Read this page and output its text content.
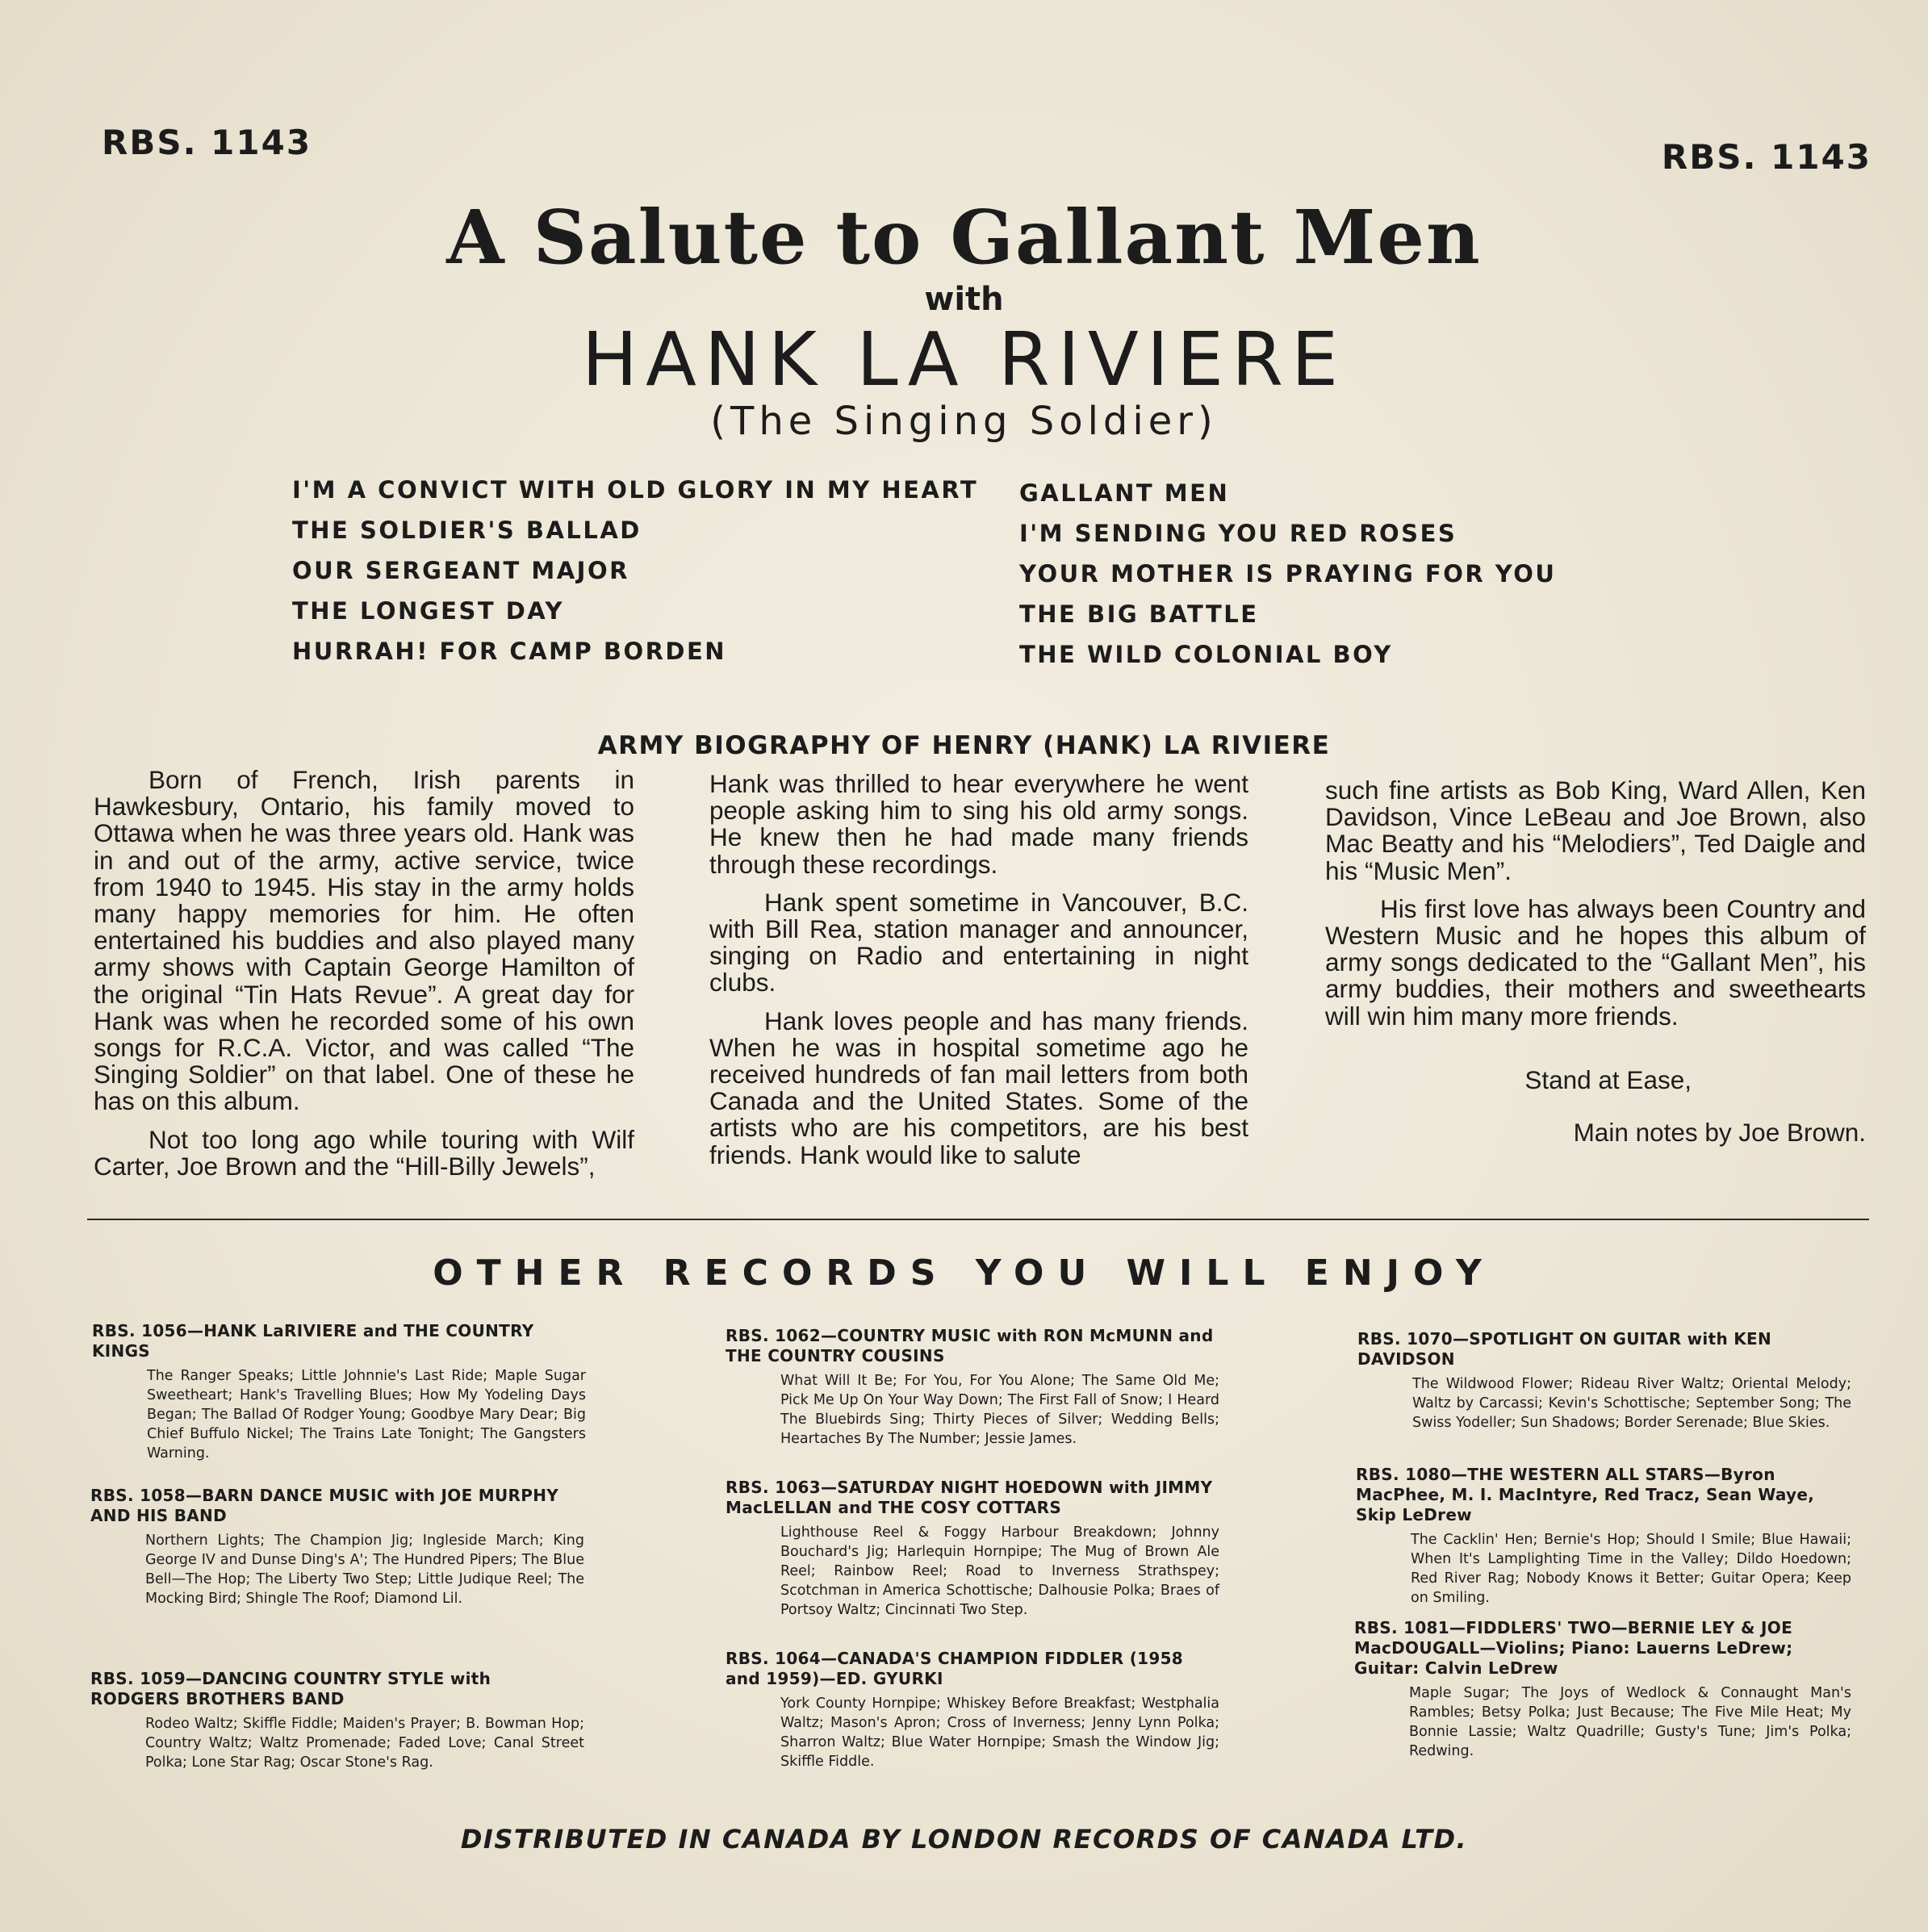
RBS. 1143	RBS. 1143
A Salute to Gallant Men
with
HANK LA RIVIERE
(The Singing Soldier)
I'M A CONVICT WITH OLD GLORY IN MY HEART
THE SOLDIER'S BALLAD
OUR SERGEANT MAJOR
THE LONGEST DAY
HURRAH! FOR CAMP BORDEN
GALLANT MEN
I'M SENDING YOU RED ROSES
YOUR MOTHER IS PRAYING FOR YOU
THE BIG BATTLE
THE WILD COLONIAL BOY
ARMY BIOGRAPHY OF HENRY (HANK) LA RIVIERE

Born of French, Irish parents in Hawkesbury, Ontario, his family moved to Ottawa when he was three years old. Hank was in and out of the army, active service, twice from 1940 to 1945. His stay in the army holds many happy memories for him. He often entertained his buddies and also played many army shows with Captain George Hamilton of the original “Tin Hats Revue”. A great day for Hank was when he recorded some of his own songs for R.C.A. Victor, and was called “The Singing Soldier” on that label. One of these he has on this album.

Not too long ago while touring with Wilf Carter, Joe Brown and the “Hill-Billy Jewels”,

Hank was thrilled to hear everywhere he went people asking him to sing his old army songs. He knew then he had made many friends through these recordings.

Hank spent sometime in Vancouver, B.C. with Bill Rea, station manager and announcer, singing on Radio and entertaining in night clubs.

Hank loves people and has many friends. When he was in hospital sometime ago he received hundreds of fan mail letters from both Canada and the United States. Some of the artists who are his competitors, are his best friends. Hank would like to salute

such fine artists as Bob King, Ward Allen, Ken Davidson, Vince LeBeau and Joe Brown, also Mac Beatty and his “Melodiers”, Ted Daigle and his “Music Men”.

His first love has always been Country and Western Music and he hopes this album of army songs dedicated to the “Gallant Men”, his army buddies, their mothers and sweethearts will win him many more friends.

Stand at Ease,

Main notes by Joe Brown.

OTHER RECORDS YOU WILL ENJOY

RBS. 1056—HANK LaRIVIERE and THE COUNTRY KINGS

The Ranger Speaks; Little Johnnie's Last Ride; Maple Sugar Sweetheart; Hank's Travelling Blues; How My Yodeling Days Began; The Ballad Of Rodger Young; Goodbye Mary Dear; Big Chief Buffulo Nickel; The Trains Late Tonight; The Gangsters Warning.

RBS. 1058—BARN DANCE MUSIC with JOE MURPHY AND HIS BAND

Northern Lights; The Champion Jig; Ingleside March; King George IV and Dunse Ding's A'; The Hundred Pipers; The Blue Bell—The Hop; The Liberty Two Step; Little Judique Reel; The Mocking Bird; Shingle The Roof; Diamond Lil.

RBS. 1059—DANCING COUNTRY STYLE with RODGERS BROTHERS BAND

Rodeo Waltz; Skiffle Fiddle; Maiden's Prayer; B. Bowman Hop; Country Waltz; Waltz Promenade; Faded Love; Canal Street Polka; Lone Star Rag; Oscar Stone's Rag.

RBS. 1062—COUNTRY MUSIC with RON McMUNN and THE COUNTRY COUSINS

What Will It Be; For You, For You Alone; The Same Old Me; Pick Me Up On Your Way Down; The First Fall of Snow; I Heard The Bluebirds Sing; Thirty Pieces of Silver; Wedding Bells; Heartaches By The Number; Jessie James.

RBS. 1063—SATURDAY NIGHT HOEDOWN with JIMMY MacLELLAN and THE COSY COTTARS

Lighthouse Reel & Foggy Harbour Breakdown; Johnny Bouchard's Jig; Harlequin Hornpipe; The Mug of Brown Ale Reel; Rainbow Reel; Road to Inverness Strathspey; Scotchman in America Schottische; Dalhousie Polka; Braes of Portsoy Waltz; Cincinnati Two Step.

RBS. 1064—CANADA'S CHAMPION FIDDLER (1958 and 1959)—ED. GYURKI

York County Hornpipe; Whiskey Before Breakfast; Westphalia Waltz; Mason's Apron; Cross of Inverness; Jenny Lynn Polka; Sharron Waltz; Blue Water Hornpipe; Smash the Window Jig; Skiffle Fiddle.

RBS. 1070—SPOTLIGHT ON GUITAR with KEN DAVIDSON

The Wildwood Flower; Rideau River Waltz; Oriental Melody; Waltz by Carcassi; Kevin's Schottische; September Song; The Swiss Yodeller; Sun Shadows; Border Serenade; Blue Skies.

RBS. 1080—THE WESTERN ALL STARS—Byron MacPhee, M. I. MacIntyre, Red Tracz, Sean Waye, Skip LeDrew

The Cacklin' Hen; Bernie's Hop; Should I Smile; Blue Hawaii; When It's Lamplighting Time in the Valley; Dildo Hoedown; Red River Rag; Nobody Knows it Better; Guitar Opera; Keep on Smiling.

RBS. 1081—FIDDLERS' TWO—BERNIE LEY & JOE MacDOUGALL—Violins; Piano: Lauerns LeDrew; Guitar: Calvin LeDrew

Maple Sugar; The Joys of Wedlock & Connaught Man's Rambles; Betsy Polka; Just Because; The Five Mile Heat; My Bonnie Lassie; Waltz Quadrille; Gusty's Tune; Jim's Polka; Redwing.

DISTRIBUTED IN CANADA BY LONDON RECORDS OF CANADA LTD.
